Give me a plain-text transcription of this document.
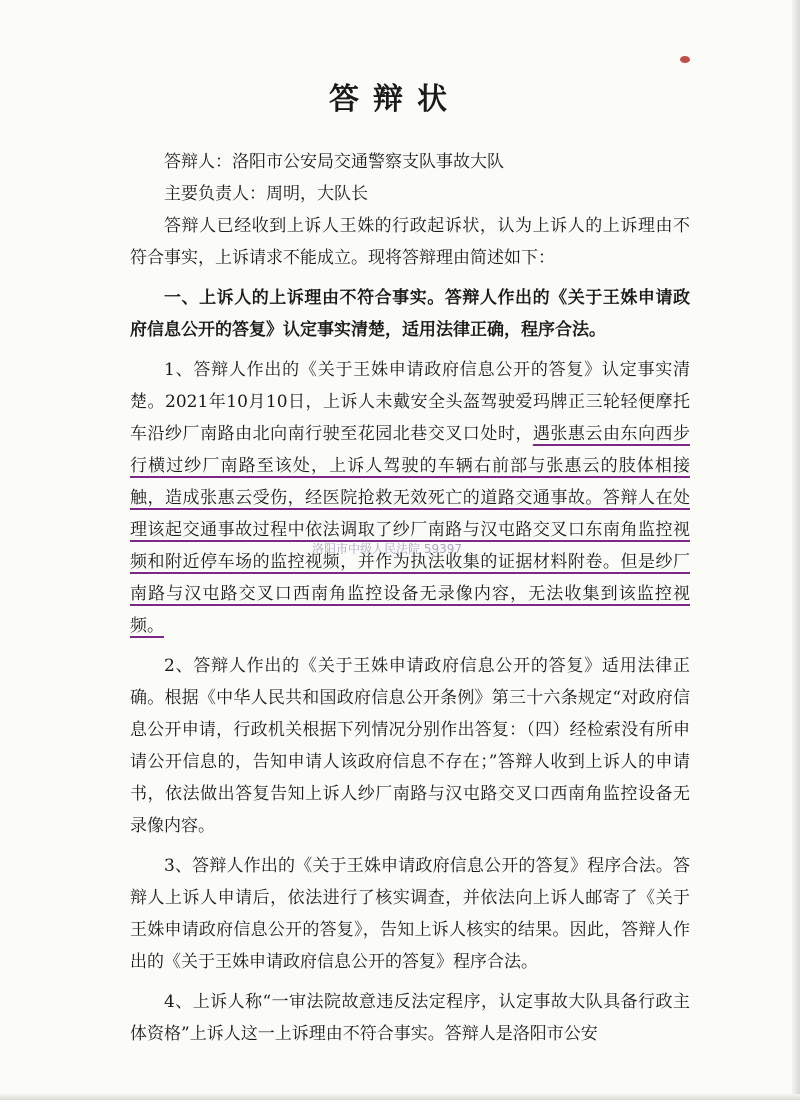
答辩状

答辩人：洛阳市公安局交通警察支队事故大队

主要负责人：周明，大队长

答辩人已经收到上诉人王姝的行政起诉状，认为上诉人的上诉理由不符合事实，上诉请求不能成立。现将答辩理由简述如下：

一、上诉人的上诉理由不符合事实。答辩人作出的《关于王姝申请政府信息公开的答复》认定事实清楚，适用法律正确，程序合法。

1、答辩人作出的《关于王姝申请政府信息公开的答复》认定事实清楚。2021年10月10日，上诉人未戴安全头盔驾驶爱玛牌正三轮轻便摩托车沿纱厂南路由北向南行驶至花园北巷交叉口处时，遇张惠云由东向西步行横过纱厂南路至该处，上诉人驾驶的车辆右前部与张惠云的肢体相接触，造成张惠云受伤，经医院抢救无效死亡的道路交通事故。答辩人在处理该起交通事故过程中依法调取了纱厂南路与汉屯路交叉口东南角监控视频和附近停车场的监控视频，并作为执法收集的证据材料附卷。但是纱厂南路与汉屯路交叉口西南角监控设备无录像内容，无法收集到该监控视频。

2、答辩人作出的《关于王姝申请政府信息公开的答复》适用法律正确。根据《中华人民共和国政府信息公开条例》第三十六条规定“对政府信息公开申请，行政机关根据下列情况分别作出答复：（四）经检索没有所申请公开信息的，告知申请人该政府信息不存在；”答辩人收到上诉人的申请书，依法做出答复告知上诉人纱厂南路与汉屯路交叉口西南角监控设备无录像内容。

3、答辩人作出的《关于王姝申请政府信息公开的答复》程序合法。答辩人上诉人申请后，依法进行了核实调查，并依法向上诉人邮寄了《关于王姝申请政府信息公开的答复》，告知上诉人核实的结果。因此，答辩人作出的《关于王姝申请政府信息公开的答复》程序合法。

4、上诉人称“一审法院故意违反法定程序，认定事故大队具备行政主体资格”上诉人这一上诉理由不符合事实。答辩人是洛阳市公安

洛阳市中级人民法院 59397
